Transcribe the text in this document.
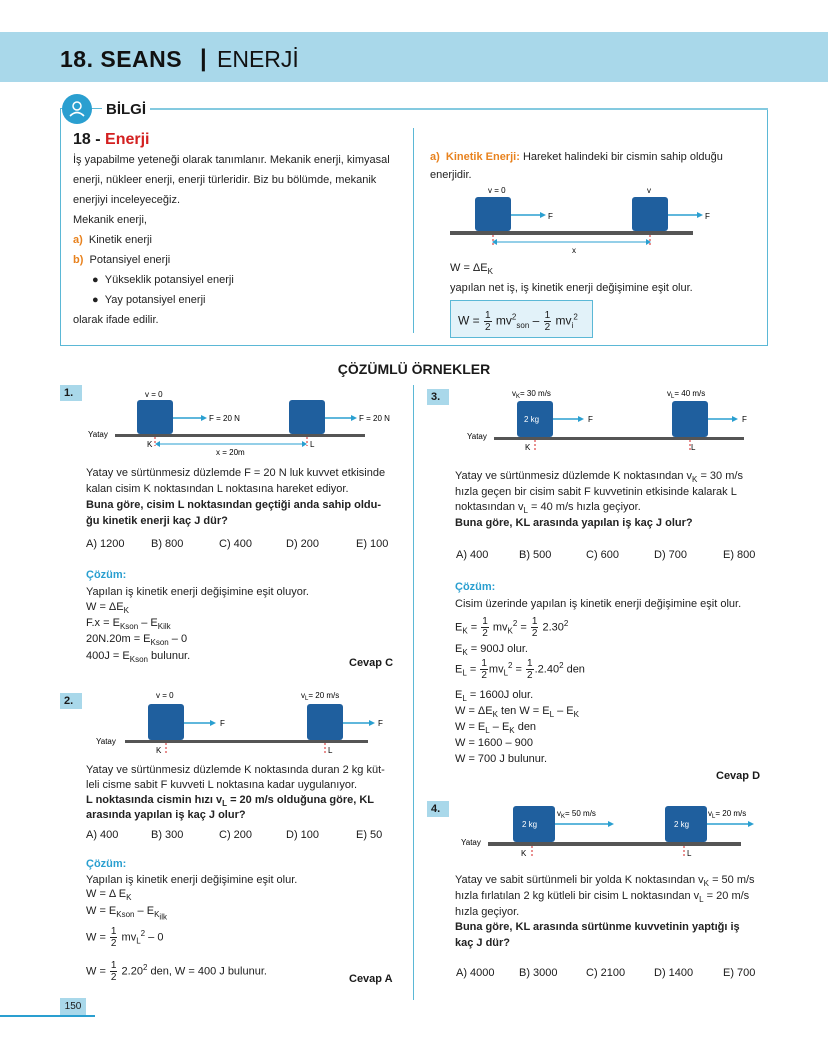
18. SEANS | ENERJİ
BİLGİ
18 - Enerji
İş yapabilme yeteneği olarak tanımlanır. Mekanik enerji, kimyasal
enerji, nükleer enerji, enerji türleridir. Biz bu bölümde, mekanik
enerjiyi inceleyeceğiz.
Mekanik enerji,
a) Kinetik enerji
b) Potansiyel enerji
●  Yükseklik potansiyel enerji
●  Yay potansiyel enerji
olarak ifade edilir.
a) Kinetik Enerji: Hareket halindeki bir cismin sahip olduğu
enerjidir.
v = 0	v
F	F
x
$W = \Delta E_K$
yapılan net iş, iş kinetik enerji değişimine eşit olur.
$W = \frac{1}{2} mv^2_{son} - \frac{1}{2} mv_i^2$
ÇÖZÜMLÜ ÖRNEKLER
1.	v = 0
F = 20 N	F = 20 N
Yatay
K	L
x = 20m
Yatay ve sürtünmesiz düzlemde F = 20 N luk kuvvet etkisinde
kalan cisim K noktasından L noktasına hareket ediyor.
Buna göre, cisim L noktasından geçtiği anda sahip oldu-
ğu kinetik enerji kaç J dür?
A) 1200 B) 800	C) 400	D) 200	E) 100
Çözüm:
Yapılan iş kinetik enerji değişimine eşit oluyor.
$W = \Delta E_K$
$F.x = E_{Kson} - E_{Kilk}$
$20N.20m = E_{Kson} - 0$
$400J = E_{Kson}$ bulunur.
Cevap C
2.	v = 0	$v_L= 20$ m/s
F	F
Yatay
K	L
Yatay ve sürtünmesiz düzlemde K noktasında duran 2 kg küt-
leli cisme sabit F kuvveti L noktasına kadar uygulanıyor.
L noktasında cismin hızı $v_L = 20$ m/s olduğuna göre, KL
arasında yapılan iş kaç J olur?
A) 400	B) 300	C) 200	D) 100	E) 50
Çözüm:
Yapılan iş kinetik enerji değişimine eşit olur.
W = Δ $E_K$
$W = E_{Kson} - E_{K_{ilk}}$
$W = \frac{1}{2} mv_L^2 - 0$
$W = \frac{1}{2} 2.20^2$ den, W = 400 J bulunur.
Cevap A
3.	$v_K= 30$ m/s	$v_L= 40$ m/s
2 kg	F	F
Yatay
K	L
Yatay ve sürtünmesiz düzlemde K noktasından $v_K = 30$ m/s
hızla geçen bir cisim sabit F kuvvetinin etkisinde kalarak L
noktasından $v_L = 40$ m/s hızla geçiyor.
Buna göre, KL arasında yapılan iş kaç J olur?
A) 400	B) 500	C) 600	D) 700	E) 800
Çözüm:
Cisim üzerinde yapılan iş kinetik enerji değişimine eşit olur.
$E_K = \frac{1}{2} mv_K^2 = \frac{1}{2} 2.30^2$
$E_K = 900J$ olur.
$E_L = \frac{1}{2} mv_L^2 = \frac{1}{2} .2.40^2$ den
$E_L = 1600J$ olur.
$W = \Delta E_K$ ten $W = E_L - E_K$
$W = E_L - E_K$ den
W = 1600 – 900
W = 700 J bulunur.
Cevap D
4.
2 kg	2 kg
$v_K= 50$ m/s	$v_L= 20$ m/s
Yatay
K	L
Yatay ve sabit sürtünmeli bir yolda K noktasından $v_K = 50$ m/s
hızla fırlatılan 2 kg kütleli bir cisim L noktasından $v_L = 20$ m/s
hızla geçiyor.
Buna göre, KL arasında sürtünme kuvvetinin yaptığı iş
kaç J dür?
A) 4000 B) 3000	C) 2100	D) 1400	E) 700
150
